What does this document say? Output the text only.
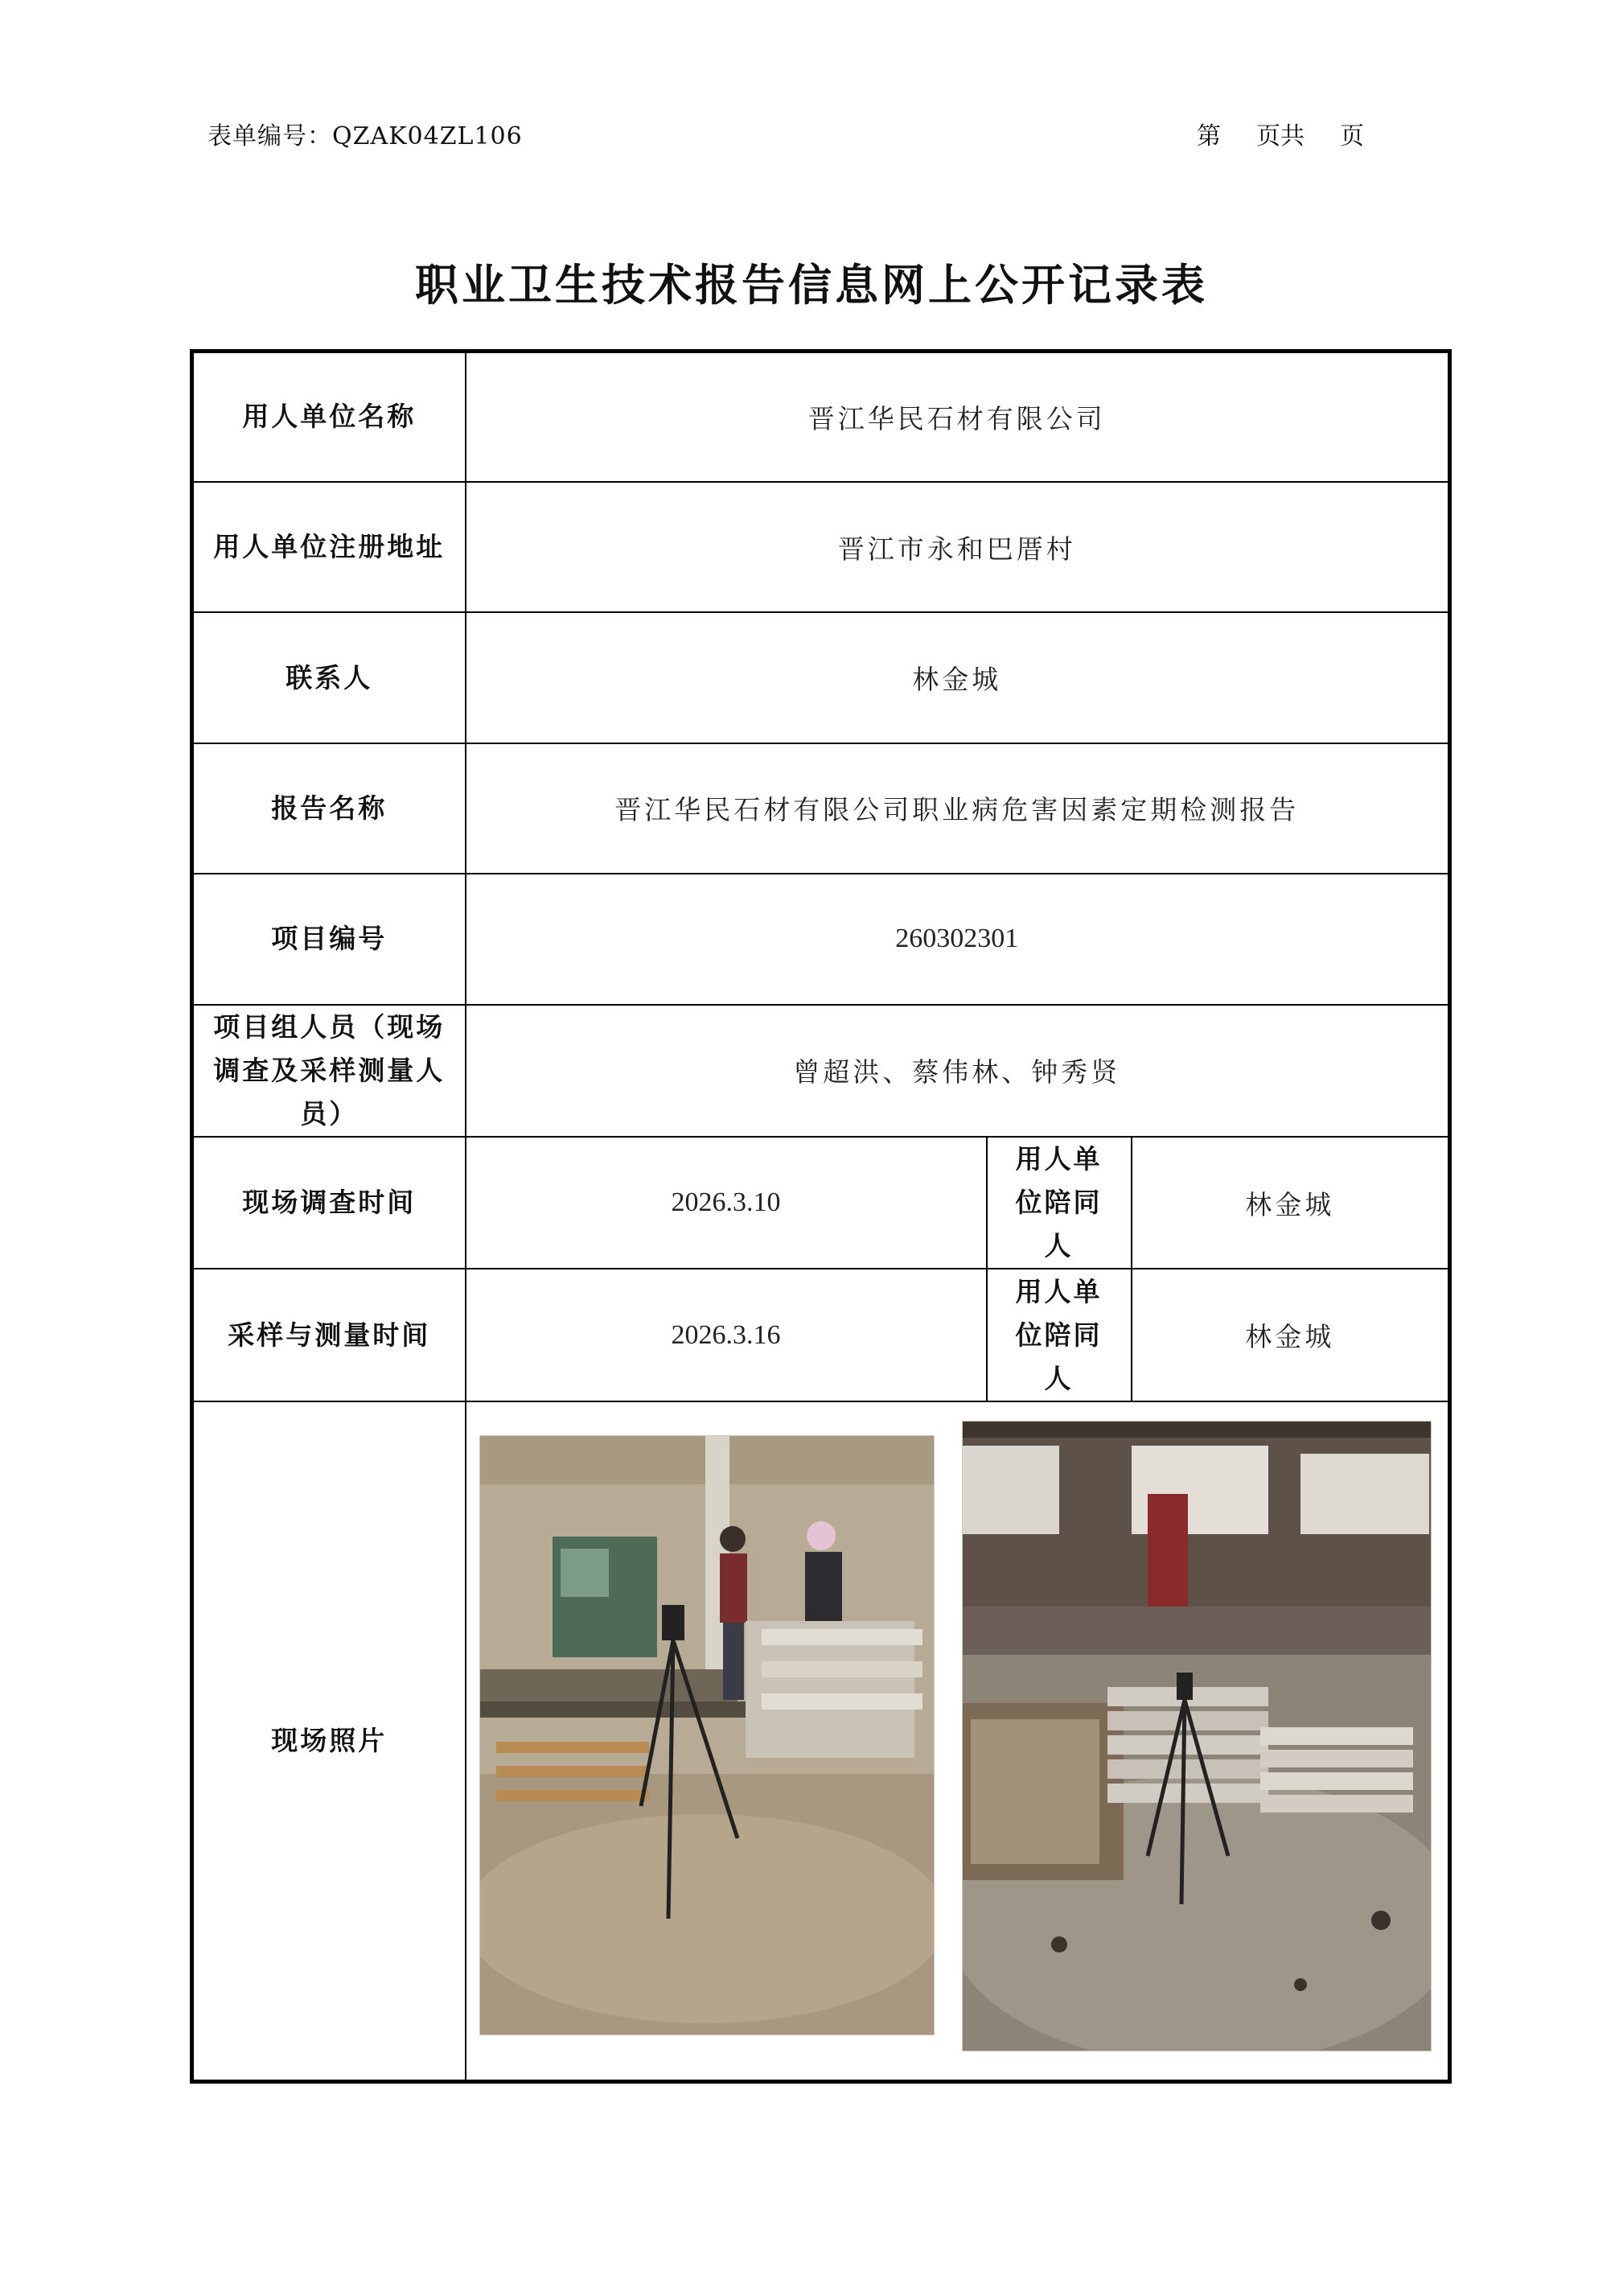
表单编号：QZAK04ZL106	第 页共 页
职业卫生技术报告信息网上公开记录表
用人单位名称	晋江华民石材有限公司		
用人单位注册地址	晋江市永和巴厝村		
联系人	林金城		
报告名称	晋江华民石材有限公司职业病危害因素定期检测报告		
项目编号	260302301		
项目组人员（现场调查及采样测量人员）	曾超洪、蔡伟林、钟秀贤		
现场调查时间	2026.3.10	用人单位陪同人	林金城
采样与测量时间	2026.3.16	用人单位陪同人	林金城
现场照片	
